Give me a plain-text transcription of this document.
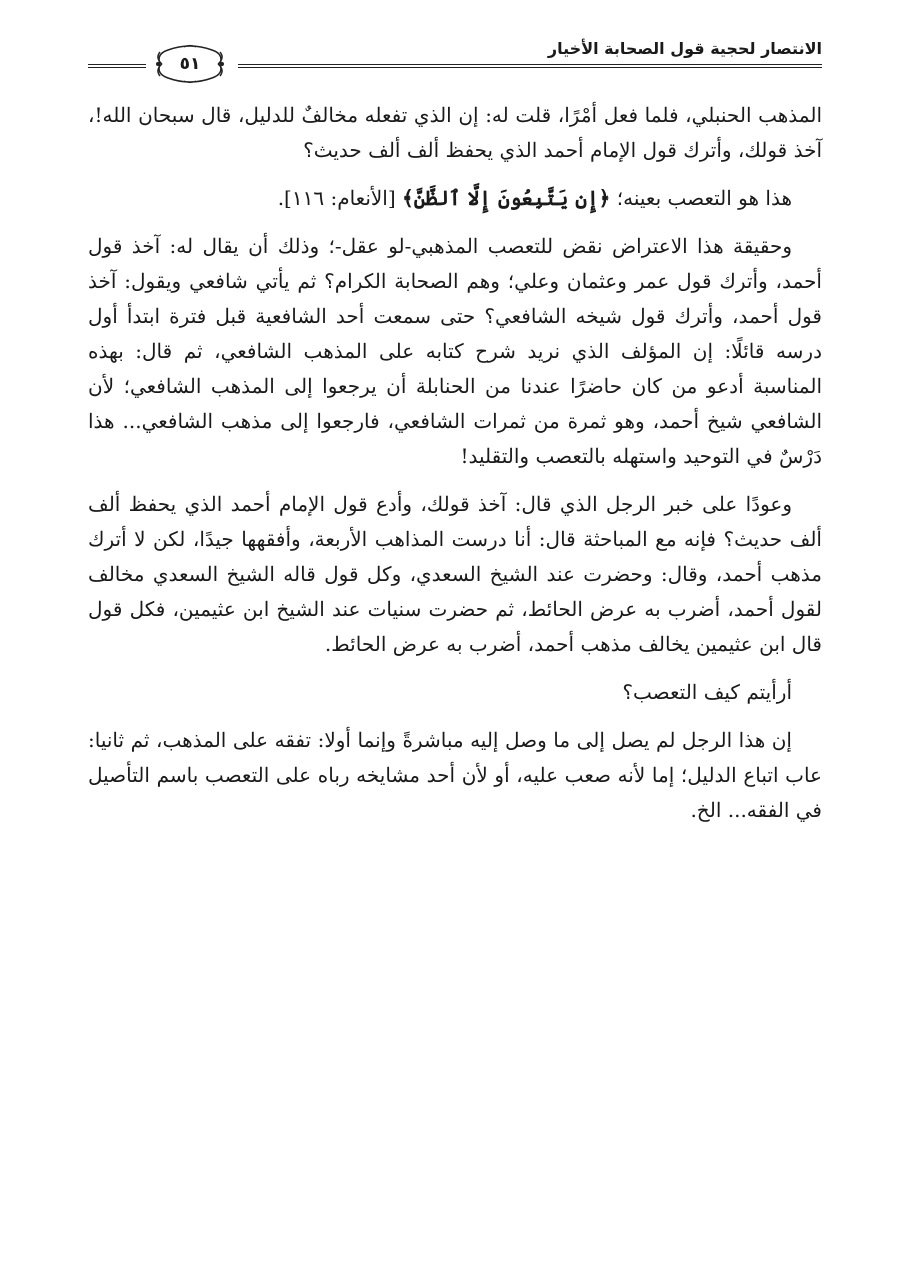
الانتصار لحجية قول الصحابة الأخيار
٥١

المذهب الحنبلي، فلما فعل أمْرًا، قلت له: إن الذي تفعله مخالفٌ للدليل، قال سبحان الله!، آخذ قولك، وأترك قول الإمام أحمد الذي يحفظ ألف ألف حديث؟

هذا هو التعصب بعينه؛ ﴿إِن يَتَّبِعُونَ إِلَّا ٱلظَّنَّ﴾ [الأنعام: ١١٦].

وحقيقة هذا الاعتراض نقض للتعصب المذهبي-لو عقل-؛ وذلك أن يقال له: آخذ قول أحمد، وأترك قول عمر وعثمان وعلي؛ وهم الصحابة الكرام؟ ثم يأتي شافعي ويقول: آخذ قول أحمد، وأترك قول شيخه الشافعي؟ حتى سمعت أحد الشافعية قبل فترة ابتدأ أول درسه قائلًا: إن المؤلف الذي نريد شرح كتابه على المذهب الشافعي، ثم قال: بهذه المناسبة أدعو من كان حاضرًا عندنا من الحنابلة أن يرجعوا إلى المذهب الشافعي؛ لأن الشافعي شيخ أحمد، وهو ثمرة من ثمرات الشافعي، فارجعوا إلى مذهب الشافعي... هذا دَرْسٌ في التوحيد واستهله بالتعصب والتقليد!

وعودًا على خبر الرجل الذي قال: آخذ قولك، وأدع قول الإمام أحمد الذي يحفظ ألف ألف حديث؟ فإنه مع المباحثة قال: أنا درست المذاهب الأربعة، وأفقهها جيدًا، لكن لا أترك مذهب أحمد، وقال: وحضرت عند الشيخ السعدي، وكل قول قاله الشيخ السعدي مخالف لقول أحمد، أضرب به عرض الحائط، ثم حضرت سنيات عند الشيخ ابن عثيمين، فكل قول قال ابن عثيمين يخالف مذهب أحمد، أضرب به عرض الحائط.

أرأيتم كيف التعصب؟

إن هذا الرجل لم يصل إلى ما وصل إليه مباشرةً وإنما أولا: تفقه على المذهب، ثم ثانيا: عاب اتباع الدليل؛ إما لأنه صعب عليه، أو لأن أحد مشايخه رباه على التعصب باسم التأصيل في الفقه... الخ.
